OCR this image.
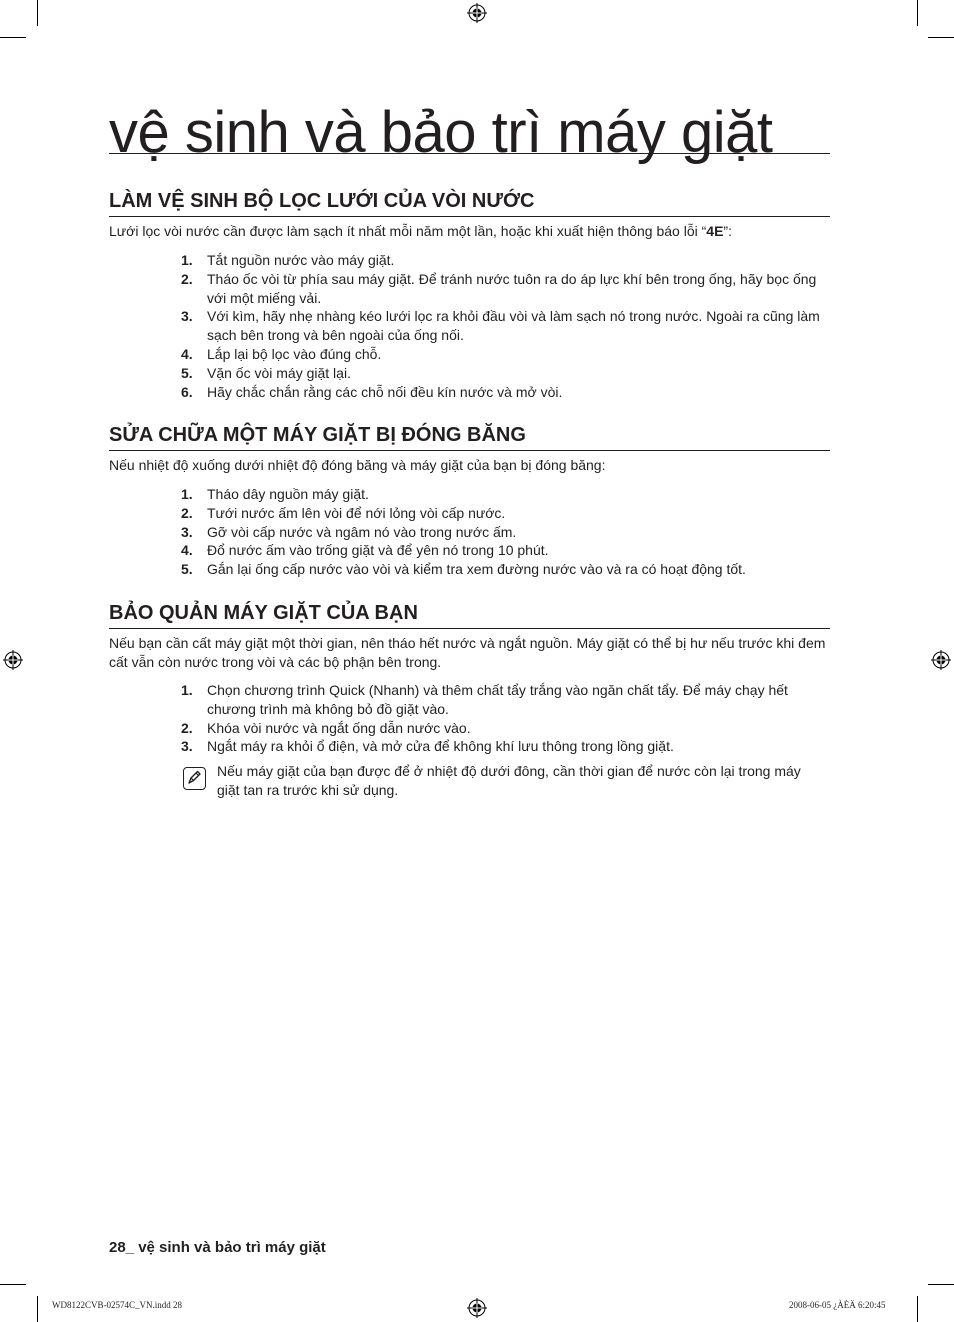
vệ sinh và bảo trì máy giặt
LÀM VỆ SINH BỘ LỌC LƯỚI CỦA VÒI NƯỚC
Lưới lọc vòi nước cần được làm sạch ít nhất mỗi năm một lần, hoặc khi xuất hiện thông báo lỗi “4E”:
1.	Tắt nguồn nước vào máy giặt.
2.	Tháo ốc vòi từ phía sau máy giặt. Để tránh nước tuôn ra do áp lực khí bên trong ống, hãy bọc ống với một miếng vải.
3.	Với kìm, hãy nhẹ nhàng kéo lưới lọc ra khỏi đầu vòi và làm sạch nó trong nước. Ngoài ra cũng làm sạch bên trong và bên ngoài của ống nối.
4.	Lắp lại bộ lọc vào đúng chỗ.
5.	Vặn ốc vòi máy giặt lại.
6.	Hãy chắc chắn rằng các chỗ nối đều kín nước và mở vòi.
SỬA CHỮA MỘT MÁY GIẶT BỊ ĐÓNG BĂNG
Nếu nhiệt độ xuống dưới nhiệt độ đóng băng và máy giặt của bạn bị đóng băng:
1.	Tháo dây nguồn máy giặt.
2.	Tưới nước ấm lên vòi để nới lỏng vòi cấp nước.
3.	Gỡ vòi cấp nước và ngâm nó vào trong nước ấm.
4.	Đổ nước ấm vào trống giặt và để yên nó trong 10 phút.
5.	Gắn lại ống cấp nước vào vòi và kiểm tra xem đường nước vào và ra có hoạt động tốt.
BẢO QUẢN MÁY GIẶT CỦA BẠN
Nếu bạn cần cất máy giặt một thời gian, nên tháo hết nước và ngắt nguồn. Máy giặt có thể bị hư nếu trước khi đem cất vẫn còn nước trong vòi và các bộ phận bên trong.
1.	Chọn chương trình Quick (Nhanh) và thêm chất tẩy trắng vào ngăn chất tẩy. Để máy chạy hết chương trình mà không bỏ đồ giặt vào.
2.	Khóa vòi nước và ngắt ống dẫn nước vào.
3.	Ngắt máy ra khỏi ổ điện, và mở cửa để không khí lưu thông trong lồng giặt.
Nếu máy giặt của bạn được để ở nhiệt độ dưới đông, cần thời gian để nước còn lại trong máy giặt tan ra trước khi sử dụng.
28_ vệ sinh và bảo trì máy giặt
WD8122CVB-02574C_VN.indd 28	2008-06-05 ¿ÀÈÄ 6:20:45
